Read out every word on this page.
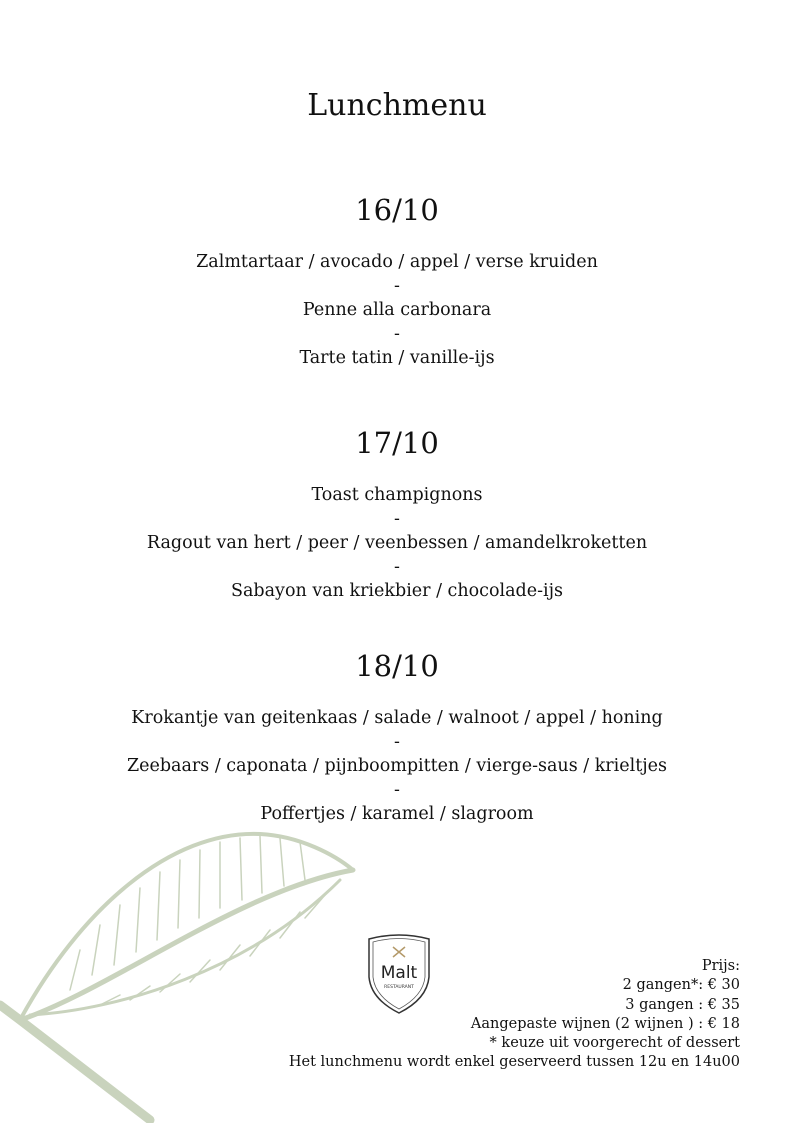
Lunchmenu
16/10
Zalmtartaar / avocado / appel / verse kruiden
-
Penne alla carbonara
-
Tarte tatin / vanille-ijs
17/10
Toast champignons
-
Ragout van hert / peer / veenbessen / amandelkroketten
-
Sabayon van kriekbier / chocolade-ijs
18/10
Krokantje van geitenkaas / salade / walnoot / appel / honing
-
Zeebaars / caponata / pijnboompitten / vierge-saus / krieltjes
-
Poffertjes / karamel / slagroom
Malt
RESTAURANT
Prijs:
2 gangen*: € 30
3 gangen : € 35
Aangepaste wijnen (2 wijnen ) : € 18
* keuze uit voorgerecht of dessert
Het lunchmenu wordt enkel geserveerd tussen 12u en 14u00
